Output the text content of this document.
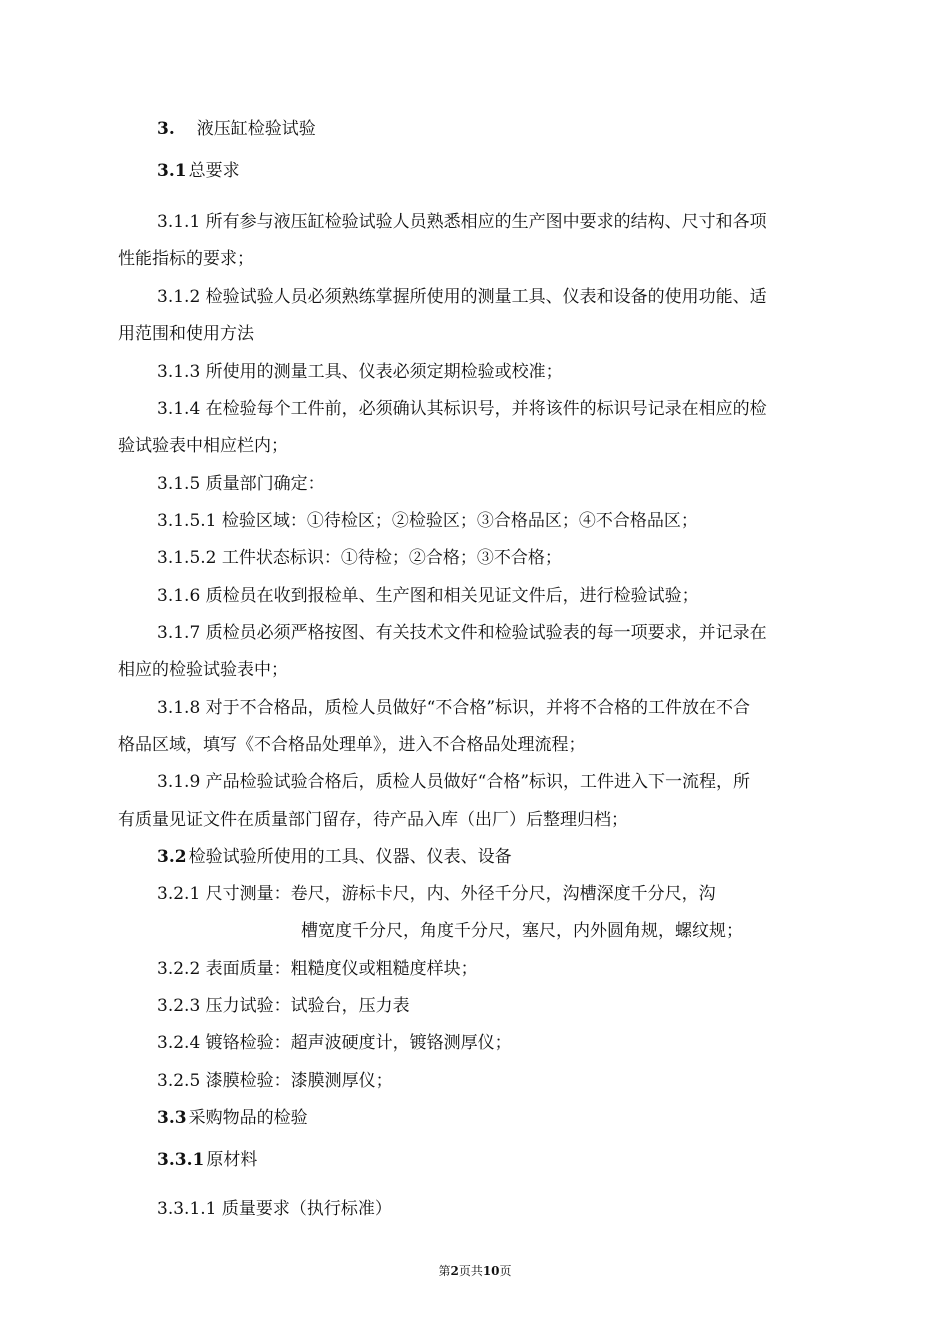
3. 液压缸检验试验
3.1 总要求
3.1.1 所有参与液压缸检验试验人员熟悉相应的生产图中要求的结构、尺寸和各项
性能指标的要求；
3.1.2 检验试验人员必须熟练掌握所使用的测量工具、仪表和设备的使用功能、适
用范围和使用方法
3.1.3 所使用的测量工具、仪表必须定期检验或校准；
3.1.4 在检验每个工件前，必须确认其标识号，并将该件的标识号记录在相应的检
验试验表中相应栏内；
3.1.5 质量部门确定：
3.1.5.1 检验区域：①待检区；②检验区；③合格品区；④不合格品区；
3.1.5.2 工件状态标识：①待检；②合格；③不合格；
3.1.6 质检员在收到报检单、生产图和相关见证文件后，进行检验试验；
3.1.7 质检员必须严格按图、有关技术文件和检验试验表的每一项要求，并记录在
相应的检验试验表中；
3.1.8 对于不合格品，质检人员做好“不合格”标识，并将不合格的工件放在不合
格品区域，填写《不合格品处理单》，进入不合格品处理流程；
3.1.9 产品检验试验合格后，质检人员做好“合格”标识，工件进入下一流程，所
有质量见证文件在质量部门留存，待产品入库（出厂）后整理归档；
3.2 检验试验所使用的工具、仪器、仪表、设备
3.2.1 尺寸测量：卷尺，游标卡尺，内、外径千分尺，沟槽深度千分尺，沟
槽宽度千分尺，角度千分尺，塞尺，内外圆角规，螺纹规；
3.2.2 表面质量：粗糙度仪或粗糙度样块；
3.2.3 压力试验：试验台，压力表
3.2.4 镀铬检验：超声波硬度计，镀铬测厚仪；
3.2.5 漆膜检验：漆膜测厚仪；
3.3 采购物品的检验
3.3.1 原材料
3.3.1.1 质量要求（执行标准）
第2页共10页
